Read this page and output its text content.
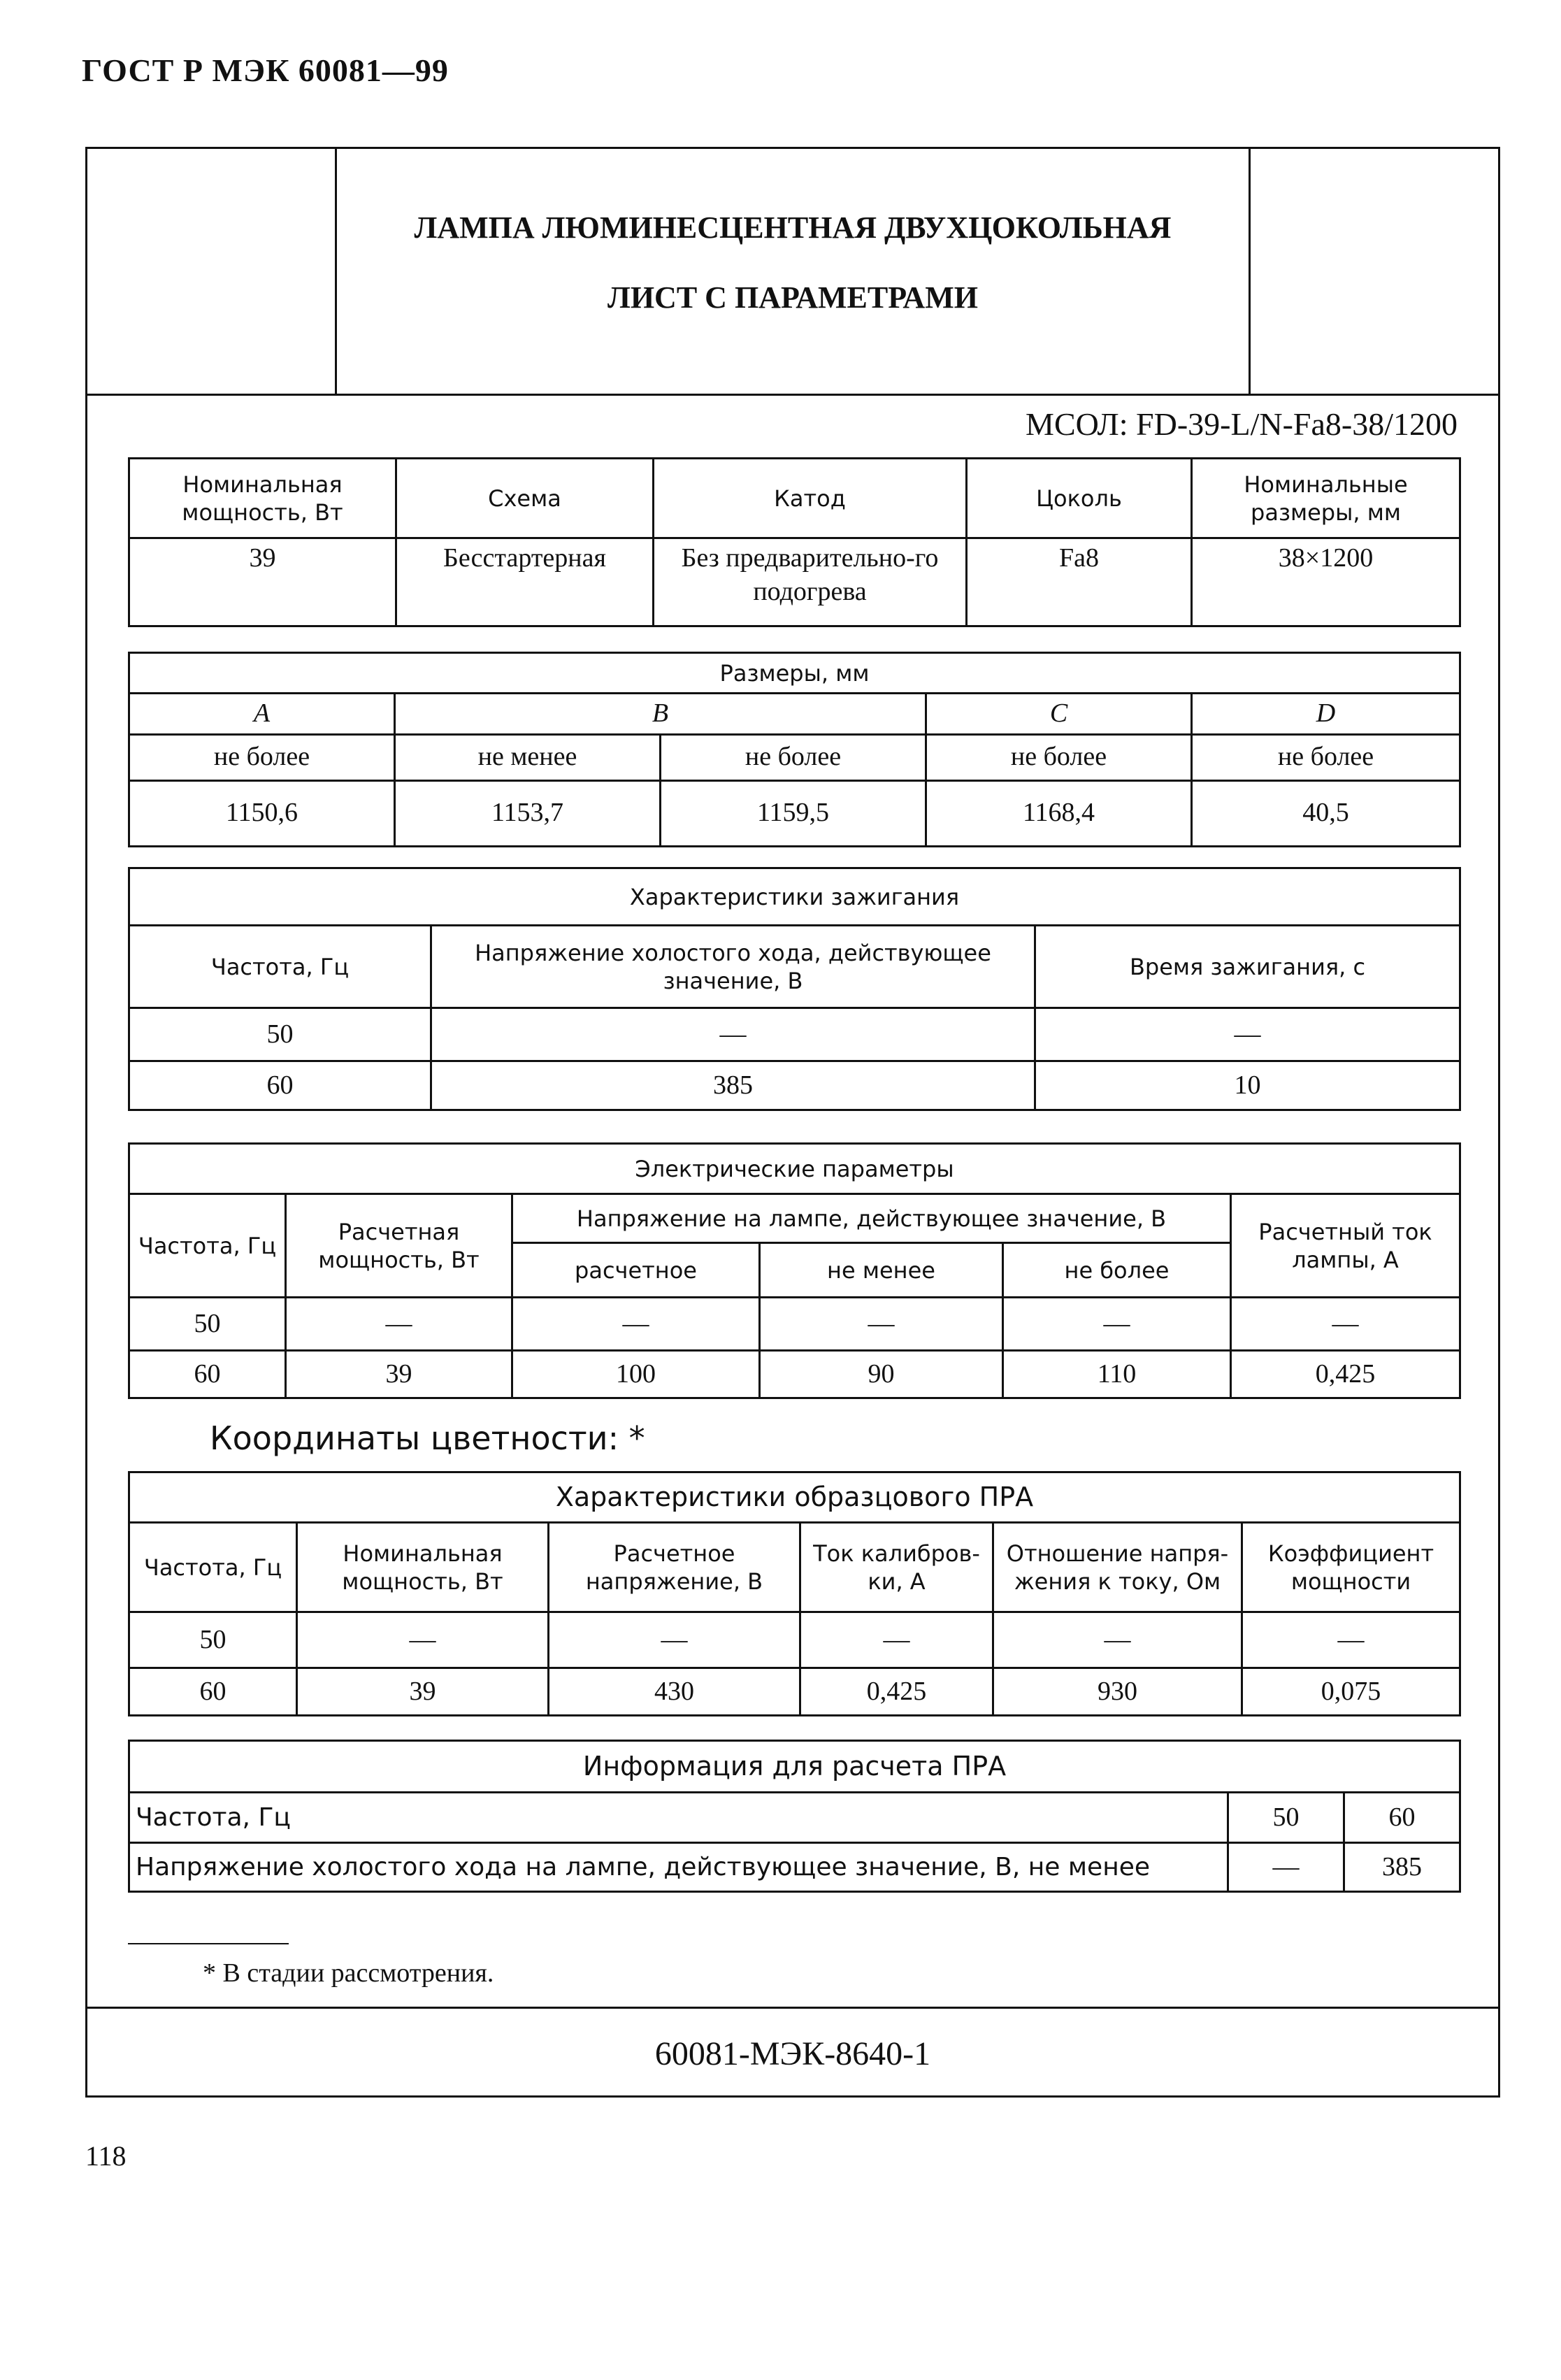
ГОСТ Р МЭК 60081—99
ЛАМПА ЛЮМИНЕСЦЕНТНАЯ ДВУХЦОКОЛЬНАЯ
ЛИСТ С ПАРАМЕТРАМИ
МСОЛ: FD-39-L/N-Fa8-38/1200
Номинальная мощность, Вт	Схема	Катод	Цоколь	Номинальные размеры, мм
39	Бесстартерная	Без предварительно-го подогрева	Fa8	38×1200
Размеры, мм				
A	B		C	D
не более	не менее	не более	не более	не более
1150,6	1153,7	1159,5	1168,4	40,5
Характеристики зажигания		
Частота, Гц	Напряжение холостого хода, действующее значение, В	Время зажигания, с
50	—	—
60	385	10
Электрические параметры					
Частота, Гц	Расчетная мощность, Вт	Напряжение на лампе, действующее значение, В			Расчетный ток лампы, А
		расчетное	не менее	не более	
50	—	—	—	—	—
60	39	100	90	110	0,425
Координаты цветности: *
Характеристики образцового ПРА					
Частота, Гц	Номинальная мощность, Вт	Расчетное напряжение, В	Ток калибров-ки, А	Отношение напря-жения к току, Ом	Коэффициент мощности
50	—	—	—	—	—
60	39	430	0,425	930	0,075
Информация для расчета ПРА		
Частота, Гц	50	60
Напряжение холостого хода на лампе, действующее значение, В, не менее	—	385
* В стадии рассмотрения.
60081-МЭК-8640-1
118
